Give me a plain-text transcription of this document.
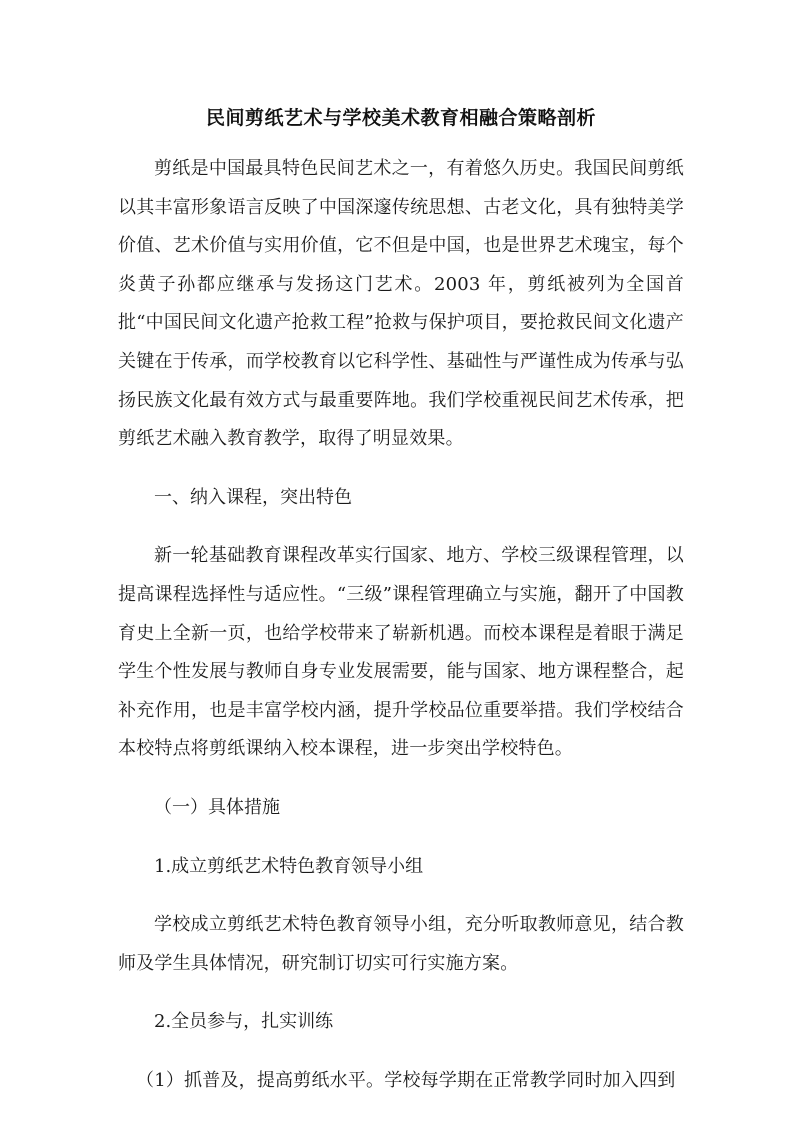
民间剪纸艺术与学校美术教育相融合策略剖析

剪纸是中国最具特色民间艺术之一，有着悠久历史。我国民间剪纸以其丰富形象语言反映了中国深邃传统思想、古老文化，具有独特美学价值、艺术价值与实用价值，它不但是中国，也是世界艺术瑰宝，每个炎黄子孙都应继承与发扬这门艺术。2003 年，剪纸被列为全国首批“中国民间文化遗产抢救工程”抢救与保护项目，要抢救民间文化遗产关键在于传承，而学校教育以它科学性、基础性与严谨性成为传承与弘扬民族文化最有效方式与最重要阵地。我们学校重视民间艺术传承，把剪纸艺术融入教育教学，取得了明显效果。

一、纳入课程，突出特色

新一轮基础教育课程改革实行国家、地方、学校三级课程管理，以提高课程选择性与适应性。“三级”课程管理确立与实施，翻开了中国教育史上全新一页，也给学校带来了崭新机遇。而校本课程是着眼于满足学生个性发展与教师自身专业发展需要，能与国家、地方课程整合，起补充作用，也是丰富学校内涵，提升学校品位重要举措。我们学校结合本校特点将剪纸课纳入校本课程，进一步突出学校特色。

（一）具体措施

1.成立剪纸艺术特色教育领导小组

学校成立剪纸艺术特色教育领导小组，充分听取教师意见，结合教师及学生具体情况，研究制订切实可行实施方案。

2.全员参与，扎实训练

（1）抓普及，提高剪纸水平。学校每学期在正常教学同时加入四到
